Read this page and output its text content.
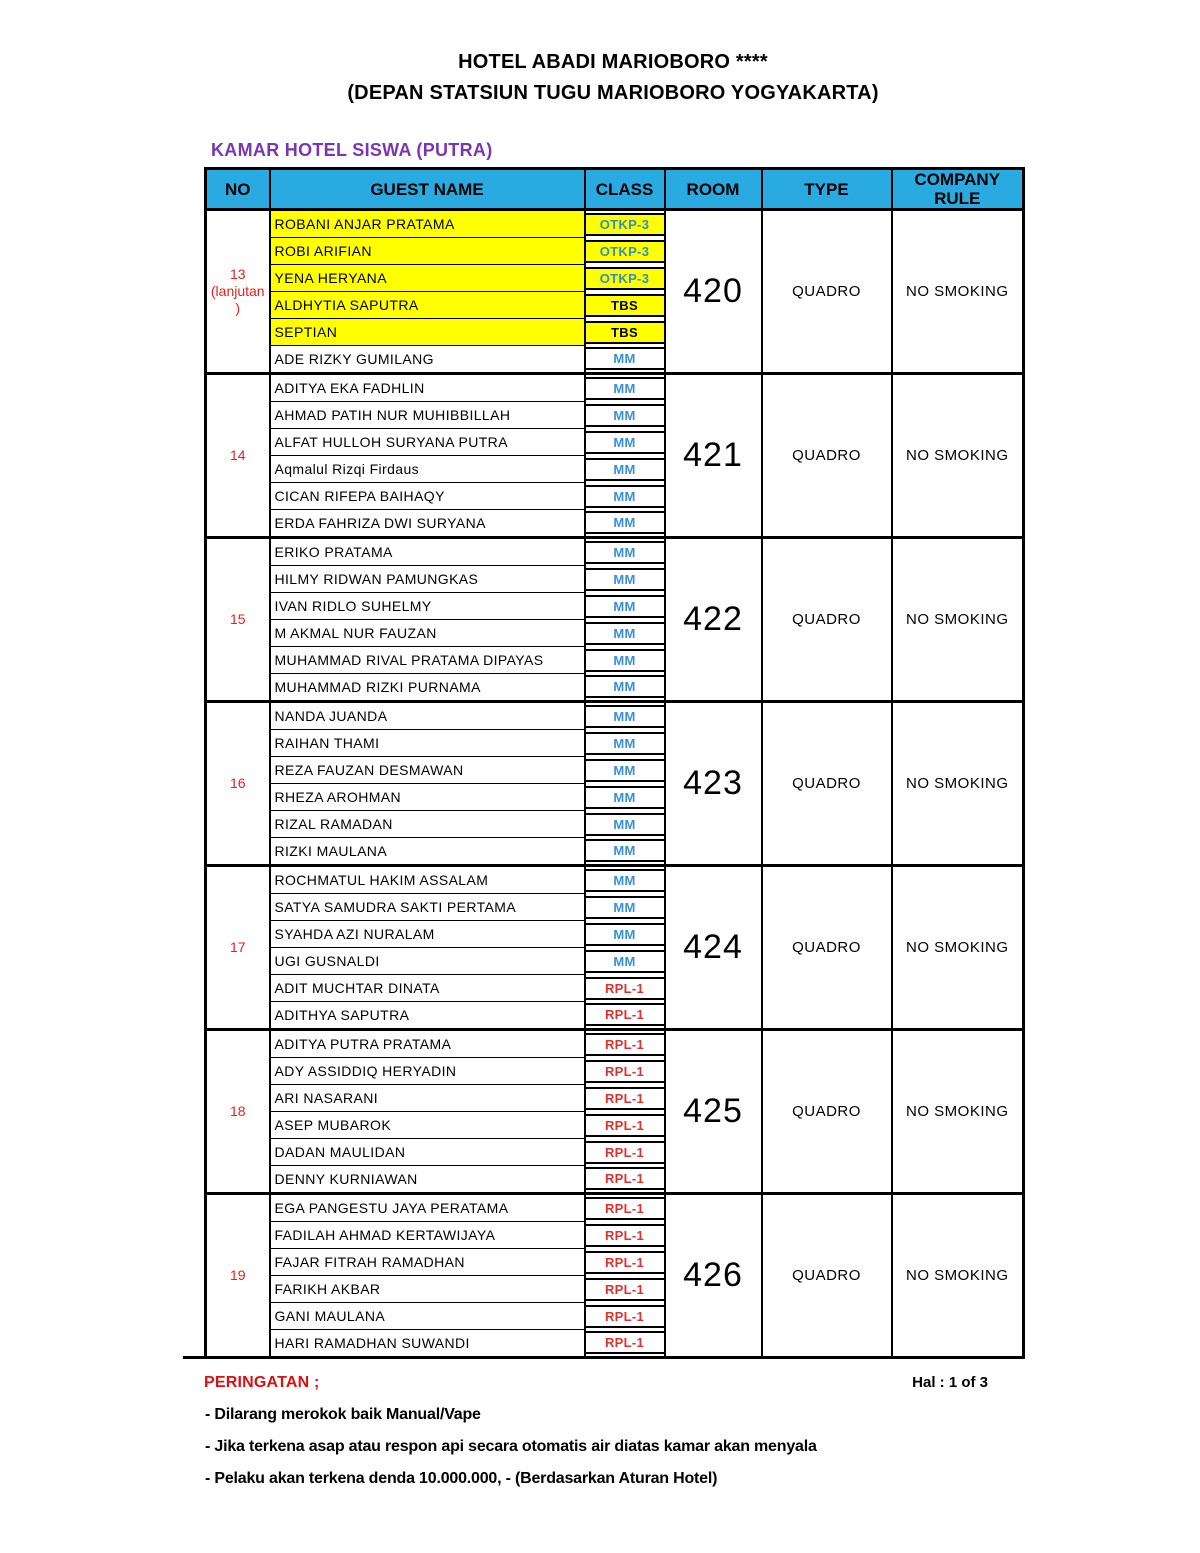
HOTEL ABADI MARIOBORO ****
(DEPAN STATSIUN TUGU MARIOBORO YOGYAKARTA)
KAMAR HOTEL SISWA (PUTRA)
NO	GUEST NAME	CLASS	ROOM	TYPE	COMPANY RULE
13 (lanjutan)	ROBANI ANJAR PRATAMA	OTKP-3	420	QUADRO	NO SMOKING
	ROBI ARIFIAN	OTKP-3			

	YENA HERYANA	OTKP-3			

	ALDHYTIA SAPUTRA	TBS			

	SEPTIAN	TBS			

	ADE RIZKY GUMILANG	MM			

14	ADITYA EKA FADHLIN	MM	421	QUADRO	NO SMOKING
	AHMAD PATIH NUR MUHIBBILLAH	MM			

	ALFAT HULLOH SURYANA PUTRA	MM			

	Aqmalul Rizqi Firdaus	MM			

	CICAN RIFEPA BAIHAQY	MM			

	ERDA FAHRIZA DWI SURYANA	MM			

15	ERIKO PRATAMA	MM	422	QUADRO	NO SMOKING
	HILMY RIDWAN PAMUNGKAS	MM			

	IVAN RIDLO SUHELMY	MM			

	M AKMAL NUR FAUZAN	MM			

	MUHAMMAD RIVAL PRATAMA DIPAYAS	MM			

	MUHAMMAD RIZKI PURNAMA	MM			

16	NANDA JUANDA	MM	423	QUADRO	NO SMOKING
	RAIHAN THAMI	MM			

	REZA FAUZAN DESMAWAN	MM			

	RHEZA AROHMAN	MM			

	RIZAL RAMADAN	MM			

	RIZKI MAULANA	MM			

17	ROCHMATUL HAKIM ASSALAM	MM	424	QUADRO	NO SMOKING
	SATYA SAMUDRA SAKTI PERTAMA	MM			

	SYAHDA AZI NURALAM	MM			

	UGI GUSNALDI	MM			

	ADIT MUCHTAR DINATA	RPL-1			

	ADITHYA SAPUTRA	RPL-1			

18	ADITYA PUTRA PRATAMA	RPL-1	425	QUADRO	NO SMOKING
	ADY ASSIDDIQ HERYADIN	RPL-1			

	ARI NASARANI	RPL-1			

	ASEP MUBAROK	RPL-1			

	DADAN MAULIDAN	RPL-1			

	DENNY KURNIAWAN	RPL-1			

19	EGA PANGESTU JAYA PERATAMA	RPL-1	426	QUADRO	NO SMOKING
	FADILAH AHMAD KERTAWIJAYA	RPL-1			

	FAJAR FITRAH RAMADHAN	RPL-1			

	FARIKH AKBAR	RPL-1			

	GANI MAULANA	RPL-1			

	HARI RAMADHAN SUWANDI	RPL-1			
PERINGATAN ;	Hal : 1 of 3
- Dilarang merokok baik Manual/Vape
- Jika terkena asap atau respon api secara otomatis air diatas kamar akan menyala
- Pelaku akan terkena denda 10.000.000, - (Berdasarkan Aturan Hotel)
